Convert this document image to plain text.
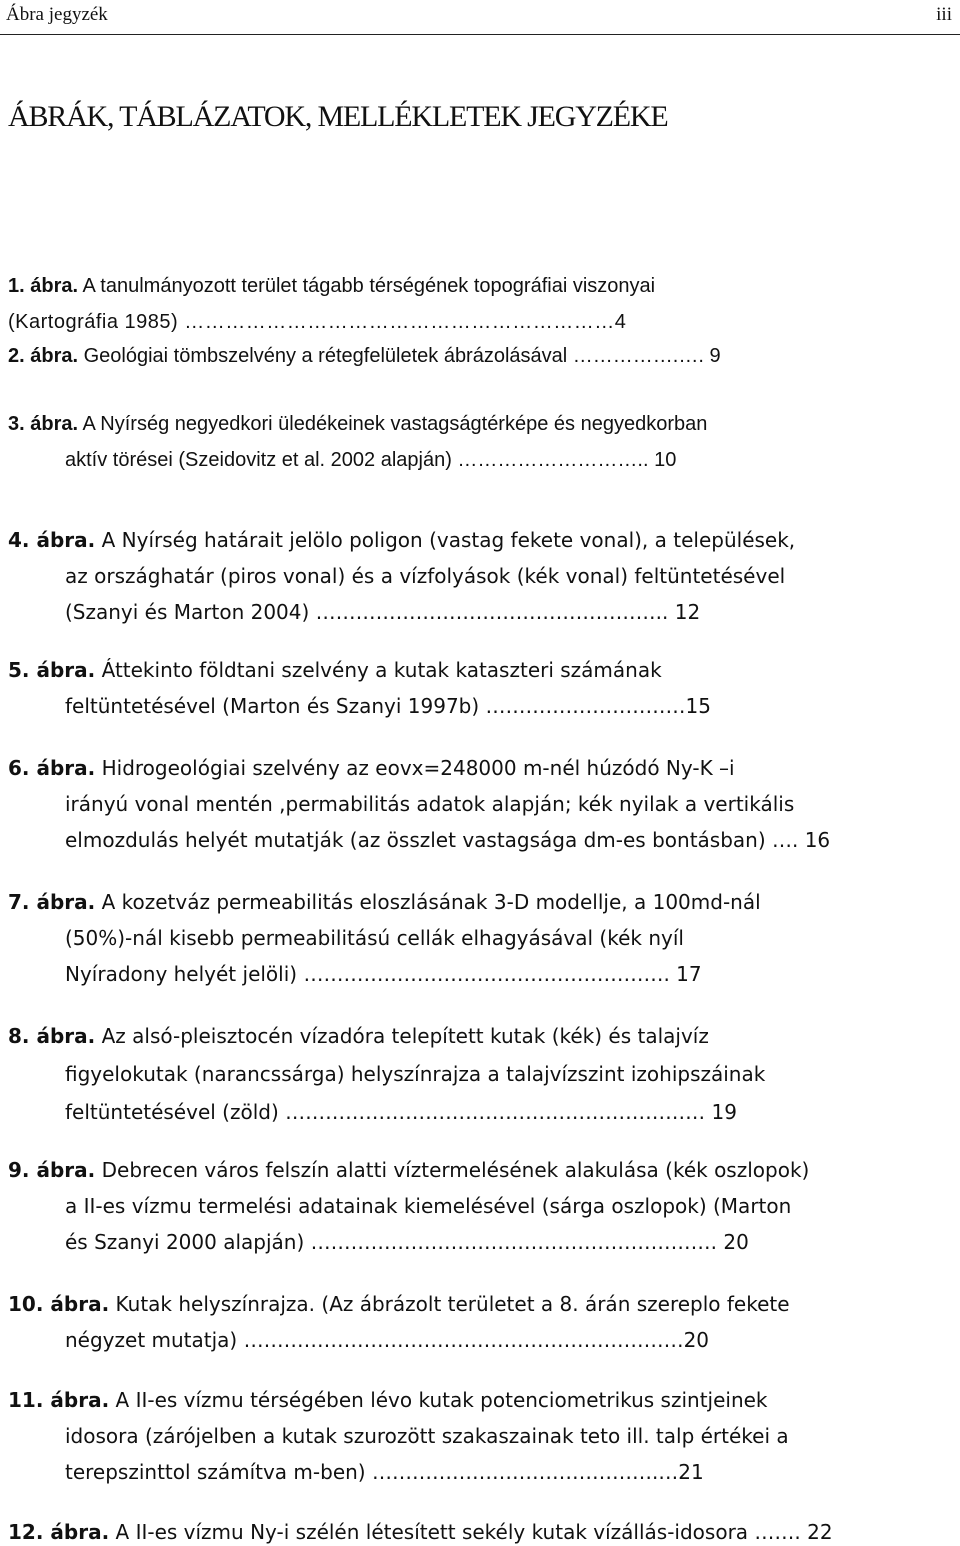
Ábra jegyzék	iii
ÁBRÁK, TÁBLÁZATOK, MELLÉKLETEK JEGYZÉKE
1. ábra. A tanulmányozott terület tágabb térségének topográfiai viszonyai
(Kartográfia 1985) ………………………………………………………4
2. ábra. Geológiai tömbszelvény a rétegfelületek ábrázolásával …………….…. 9
3. ábra. A Nyírség negyedkori üledékeinek vastagságtérképe és negyedkorban
aktív törései (Szeidovitz et al. 2002 alapján) ……………………….. 10
4. ábra. A Nyírség határait jelölo poligon (vastag fekete vonal), a települések,
az országhatár (piros vonal) és a vízfolyások (kék vonal) feltüntetésével
(Szanyi és Marton 2004) …………………………………………….. 12
5. ábra. Áttekinto földtani szelvény a kutak kataszteri számának
feltüntetésével (Marton és Szanyi 1997b) …………………………15
6. ábra. Hidrogeológiai szelvény az eovx=248000 m-nél húzódó Ny-K –i
irányú vonal mentén ,permabilitás adatok alapján; kék nyilak a vertikális
elmozdulás helyét mutatják (az összlet vastagsága dm-es bontásban) …. 16
7. ábra. A kozetváz permeabilitás eloszlásának 3-D modellje, a 100md-nál
(50%)-nál kisebb permeabilitású cellák elhagyásával (kék nyíl
Nyíradony helyét jelöli) ………………………………………………. 17
8. ábra. Az alsó-pleisztocén vízadóra telepített kutak (kék) és talajvíz
figyelokutak (narancssárga) helyszínrajza a talajvízszint izohipszáinak
feltüntetésével (zöld) ……………………………………………………… 19
9. ábra. Debrecen város felszín alatti víztermelésének alakulása (kék oszlopok)
a II-es vízmu termelési adatainak kiemelésével (sárga oszlopok) (Marton
és Szanyi 2000 alapján) ……………………………………………………. 20
10. ábra. Kutak helyszínrajza. (Az ábrázolt területet a 8. árán szereplo fekete
négyzet mutatja) …………………………………………………………20
11. ábra. A II-es vízmu térségében lévo kutak potenciometrikus szintjeinek
idosora (zárójelben a kutak szurozött szakaszainak teto ill. talp értékei a
terepszinttol számítva m-ben) …………………………………….…21
12. ábra. A II-es vízmu Ny-i szélén létesített sekély kutak vízállás-idosora ……. 22
